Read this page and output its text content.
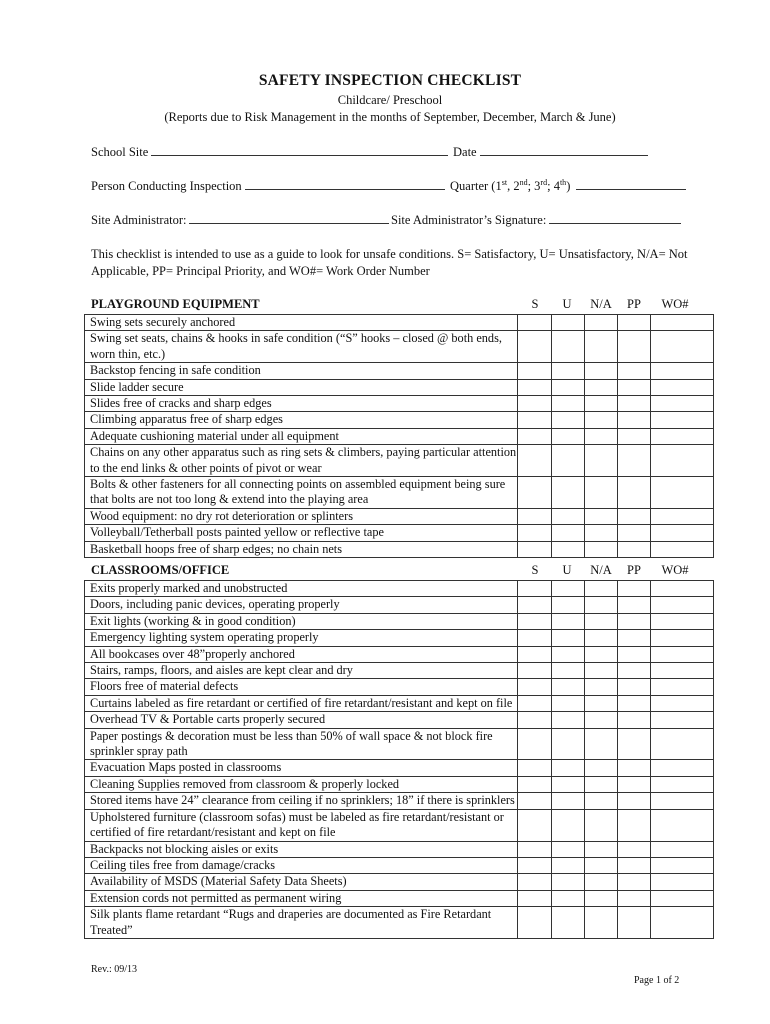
SAFETY INSPECTION CHECKLIST
Childcare/ Preschool
(Reports due to Risk Management in the months of September, December, March & June)
School Site	Date
Person Conducting Inspection	Quarter (1st, 2nd; 3rd; 4th)
Site Administrator:	Site Administrator’s Signature:
This checklist is intended to use as a guide to look for unsafe conditions. S= Satisfactory, U= Unsatisfactory, N/A= Not Applicable, PP= Principal Priority, and WO#= Work Order Number
PLAYGROUND EQUIPMENT	S	U	N/A	PP	WO#
Swing sets securely anchored					
Swing set seats, chains & hooks in safe condition (“S” hooks – closed @ both ends, worn thin, etc.)					
Backstop fencing in safe condition					
Slide ladder secure					
Slides free of cracks and sharp edges					
Climbing apparatus free of sharp edges					
Adequate cushioning material under all equipment					
Chains on any other apparatus such as ring sets & climbers, paying particular attention to the end links & other points of pivot or wear					
Bolts & other fasteners for all connecting points on assembled equipment being sure that bolts are not too long & extend into the playing area					
Wood equipment: no dry rot deterioration or splinters					
Volleyball/Tetherball posts painted yellow or reflective tape					
Basketball hoops free of sharp edges; no chain nets					
CLASSROOMS/OFFICE	S	U	N/A	PP	WO#
Exits properly marked and unobstructed					
Doors, including panic devices, operating properly					
Exit lights (working & in good condition)					
Emergency lighting system operating properly					
All bookcases over 48”properly anchored					
Stairs, ramps, floors, and aisles are kept clear and dry					
Floors free of material defects					
Curtains labeled as fire retardant or certified of fire retardant/resistant and kept on file					
Overhead TV & Portable carts properly secured					
Paper postings & decoration must be less than 50% of wall space & not block fire sprinkler spray path					
Evacuation Maps posted in classrooms					
Cleaning Supplies removed from classroom & properly locked					
Stored items have 24” clearance from ceiling if no sprinklers; 18” if there is sprinklers					
Upholstered furniture (classroom sofas) must be labeled as fire retardant/resistant or certified of fire retardant/resistant and kept on file					
Backpacks not blocking aisles or exits					
Ceiling tiles free from damage/cracks					
Availability of MSDS (Material Safety Data Sheets)					
Extension cords not permitted as permanent wiring					
Silk plants flame retardant “Rugs and draperies are documented as Fire Retardant Treated”					
Rev.: 09/13
Page 1 of 2
